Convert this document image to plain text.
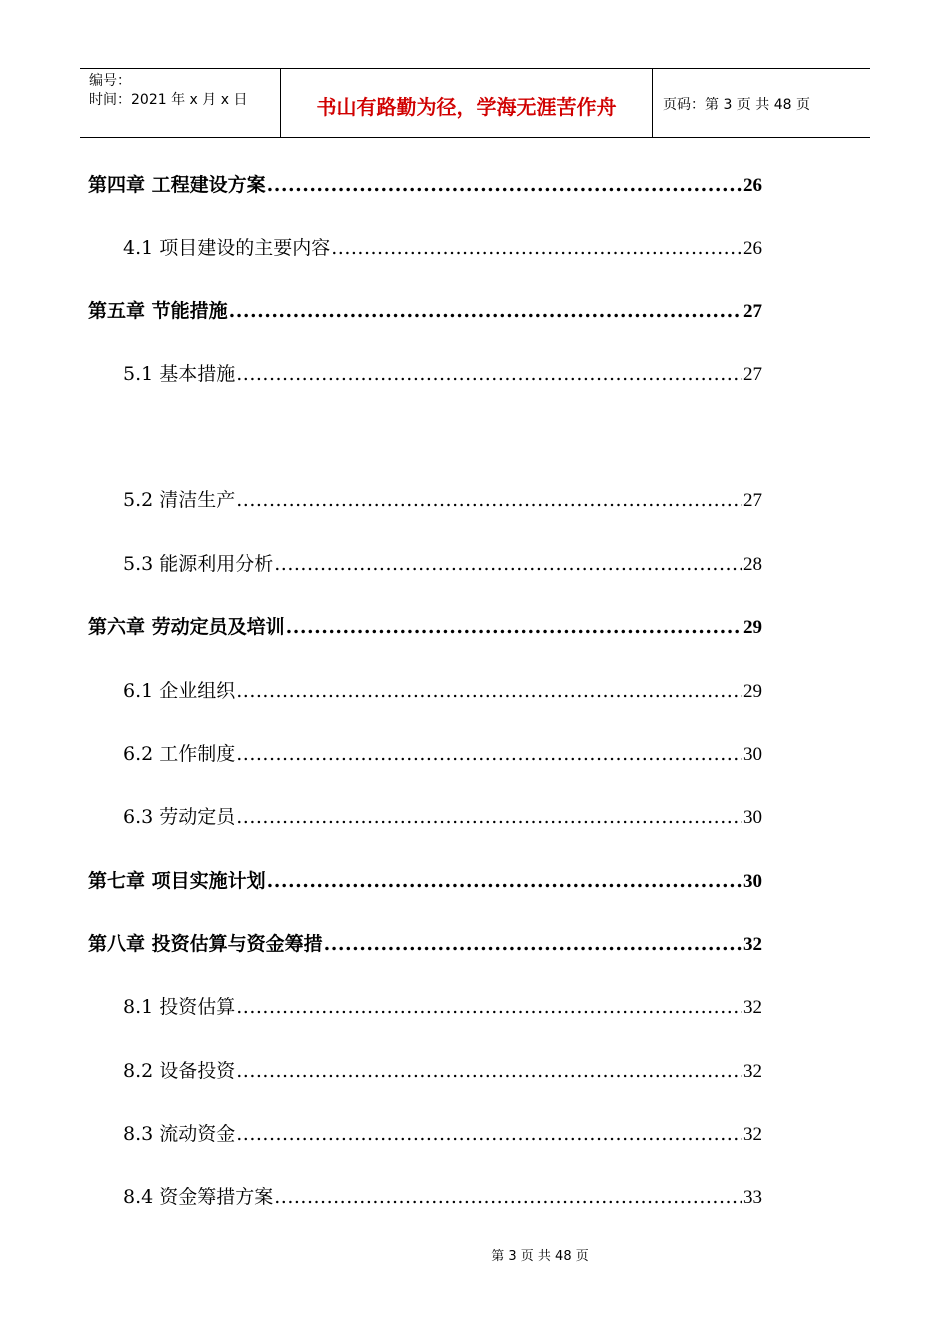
编号：
时间：2021 年 x 月 x 日	书山有路勤为径，学海无涯苦作舟	页码：第 3 页 共 48 页
第四章 工程建设方案 .....	26
4.1 项目建设的主要内容 .....	26
第五章 节能措施 .....	27
5.1 基本措施 .....	27
5.2 清洁生产 .....	27
5.3 能源利用分析 .....	28
第六章 劳动定员及培训 .....	29
6.1 企业组织 .....	29
6.2 工作制度 .....	30
6.3 劳动定员 .....	30
第七章 项目实施计划 .....	30
第八章 投资估算与资金筹措 .....	32
8.1 投资估算 .....	32
8.2 设备投资 .....	32
8.3 流动资金 .....	32
8.4 资金筹措方案 .....	33
第 3 页 共 48 页
